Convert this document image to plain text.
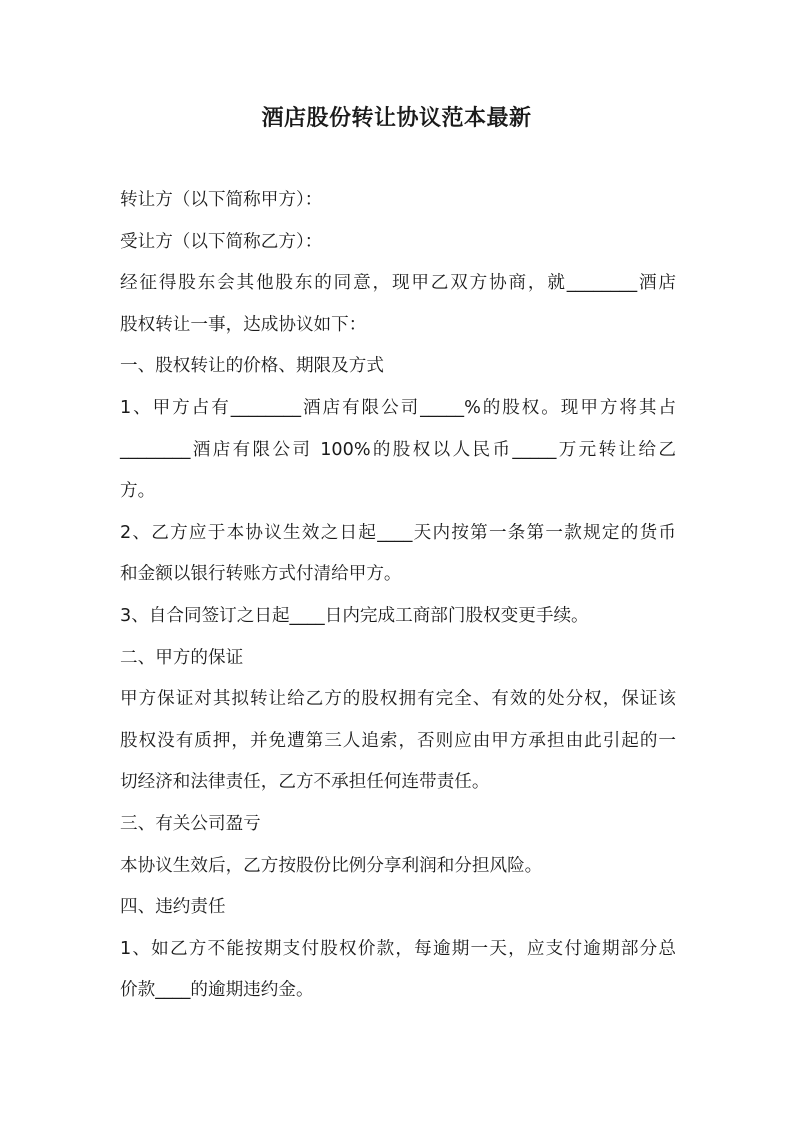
酒店股份转让协议范本最新
转让方（以下简称甲方）：
受让方（以下简称乙方）：
经征得股东会其他股东的同意，现甲乙双方协商，就________酒店
股权转让一事，达成协议如下：
一、股权转让的价格、期限及方式
1、甲方占有________酒店有限公司_____%的股权。现甲方将其占
________酒店有限公司 100%的股权以人民币_____万元转让给乙
方。
2、乙方应于本协议生效之日起____天内按第一条第一款规定的货币
和金额以银行转账方式付清给甲方。
3、自合同签订之日起____日内完成工商部门股权变更手续。
二、甲方的保证
甲方保证对其拟转让给乙方的股权拥有完全、有效的处分权，保证该
股权没有质押，并免遭第三人追索，否则应由甲方承担由此引起的一
切经济和法律责任，乙方不承担任何连带责任。
三、有关公司盈亏
本协议生效后，乙方按股份比例分享利润和分担风险。
四、违约责任
1、如乙方不能按期支付股权价款，每逾期一天，应支付逾期部分总
价款____的逾期违约金。
